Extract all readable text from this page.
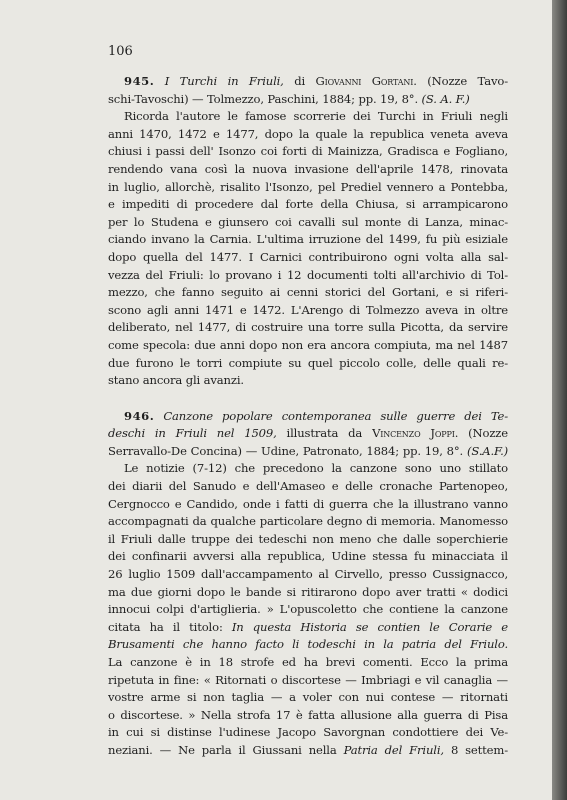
106
945. I Turchi in Friuli, di Giovanni Gortani. (Nozze Tavo-
schi-Tavoschi) — Tolmezzo, Paschini, 1884; pp. 19, 8°. (S. A. F.)
Ricorda l'autore le famose scorrerie dei Turchi in Friuli negli
anni 1470, 1472 e 1477, dopo la quale la republica veneta aveva
chiusi i passi dell' Isonzo coi forti di Mainizza, Gradisca e Fogliano,
rendendo vana così la nuova invasione dell'aprile 1478, rinovata
in luglio, allorchè, risalito l'Isonzo, pel Prediel vennero a Pontebba,
e impediti di procedere dal forte della Chiusa, si arrampicarono
per lo Studena e giunsero coi cavalli sul monte di Lanza, minac-
ciando invano la Carnia. L'ultima irruzione del 1499, fu più esiziale
dopo quella del 1477. I Carnici contribuirono ogni volta alla sal-
vezza del Friuli: lo provano i 12 documenti tolti all'archivio di Tol-
mezzo, che fanno seguito ai cenni storici del Gortani, e si riferi-
scono agli anni 1471 e 1472. L'Arengo di Tolmezzo aveva in oltre
deliberato, nel 1477, di costruire una torre sulla Picotta, da servire
come specola: due anni dopo non era ancora compiuta, ma nel 1487
due furono le torri compiute su quel piccolo colle, delle quali re-
stano ancora gli avanzi.
946. Canzone popolare contemporanea sulle guerre dei Te-
deschi in Friuli nel 1509, illustrata da Vincenzo Joppi. (Nozze
Serravallo-De Concina) — Udine, Patronato, 1884; pp. 19, 8°. (S.A.F.)
Le notizie (7-12) che precedono la canzone sono uno stillato
dei diarii del Sanudo e dell'Amaseo e delle cronache Partenopeo,
Cergnocco e Candido, onde i fatti di guerra che la illustrano vanno
accompagnati da qualche particolare degno di memoria. Manomesso
il Friuli dalle truppe dei tedeschi non meno che dalle soperchierie
dei confinarii avversi alla republica, Udine stessa fu minacciata il
26 luglio 1509 dall'accampamento al Cirvello, presso Cussignacco,
ma due giorni dopo le bande si ritirarono dopo aver tratti « dodici
innocui colpi d'artiglieria. » L'opuscoletto che contiene la canzone
citata ha il titolo: In questa Historia se contien le Corarie e
Brusamenti che hanno facto li todeschi in la patria del Friulo.
La canzone è in 18 strofe ed ha brevi comenti. Ecco la prima
ripetuta in fine: « Ritornati o discortese — Imbriagi e vil canaglia —
vostre arme si non taglia — a voler con nui contese — ritornati
o discortese. » Nella strofa 17 è fatta allusione alla guerra di Pisa
in cui si distinse l'udinese Jacopo Savorgnan condottiere dei Ve-
neziani. — Ne parla il Giussani nella Patria del Friuli, 8 settem-
